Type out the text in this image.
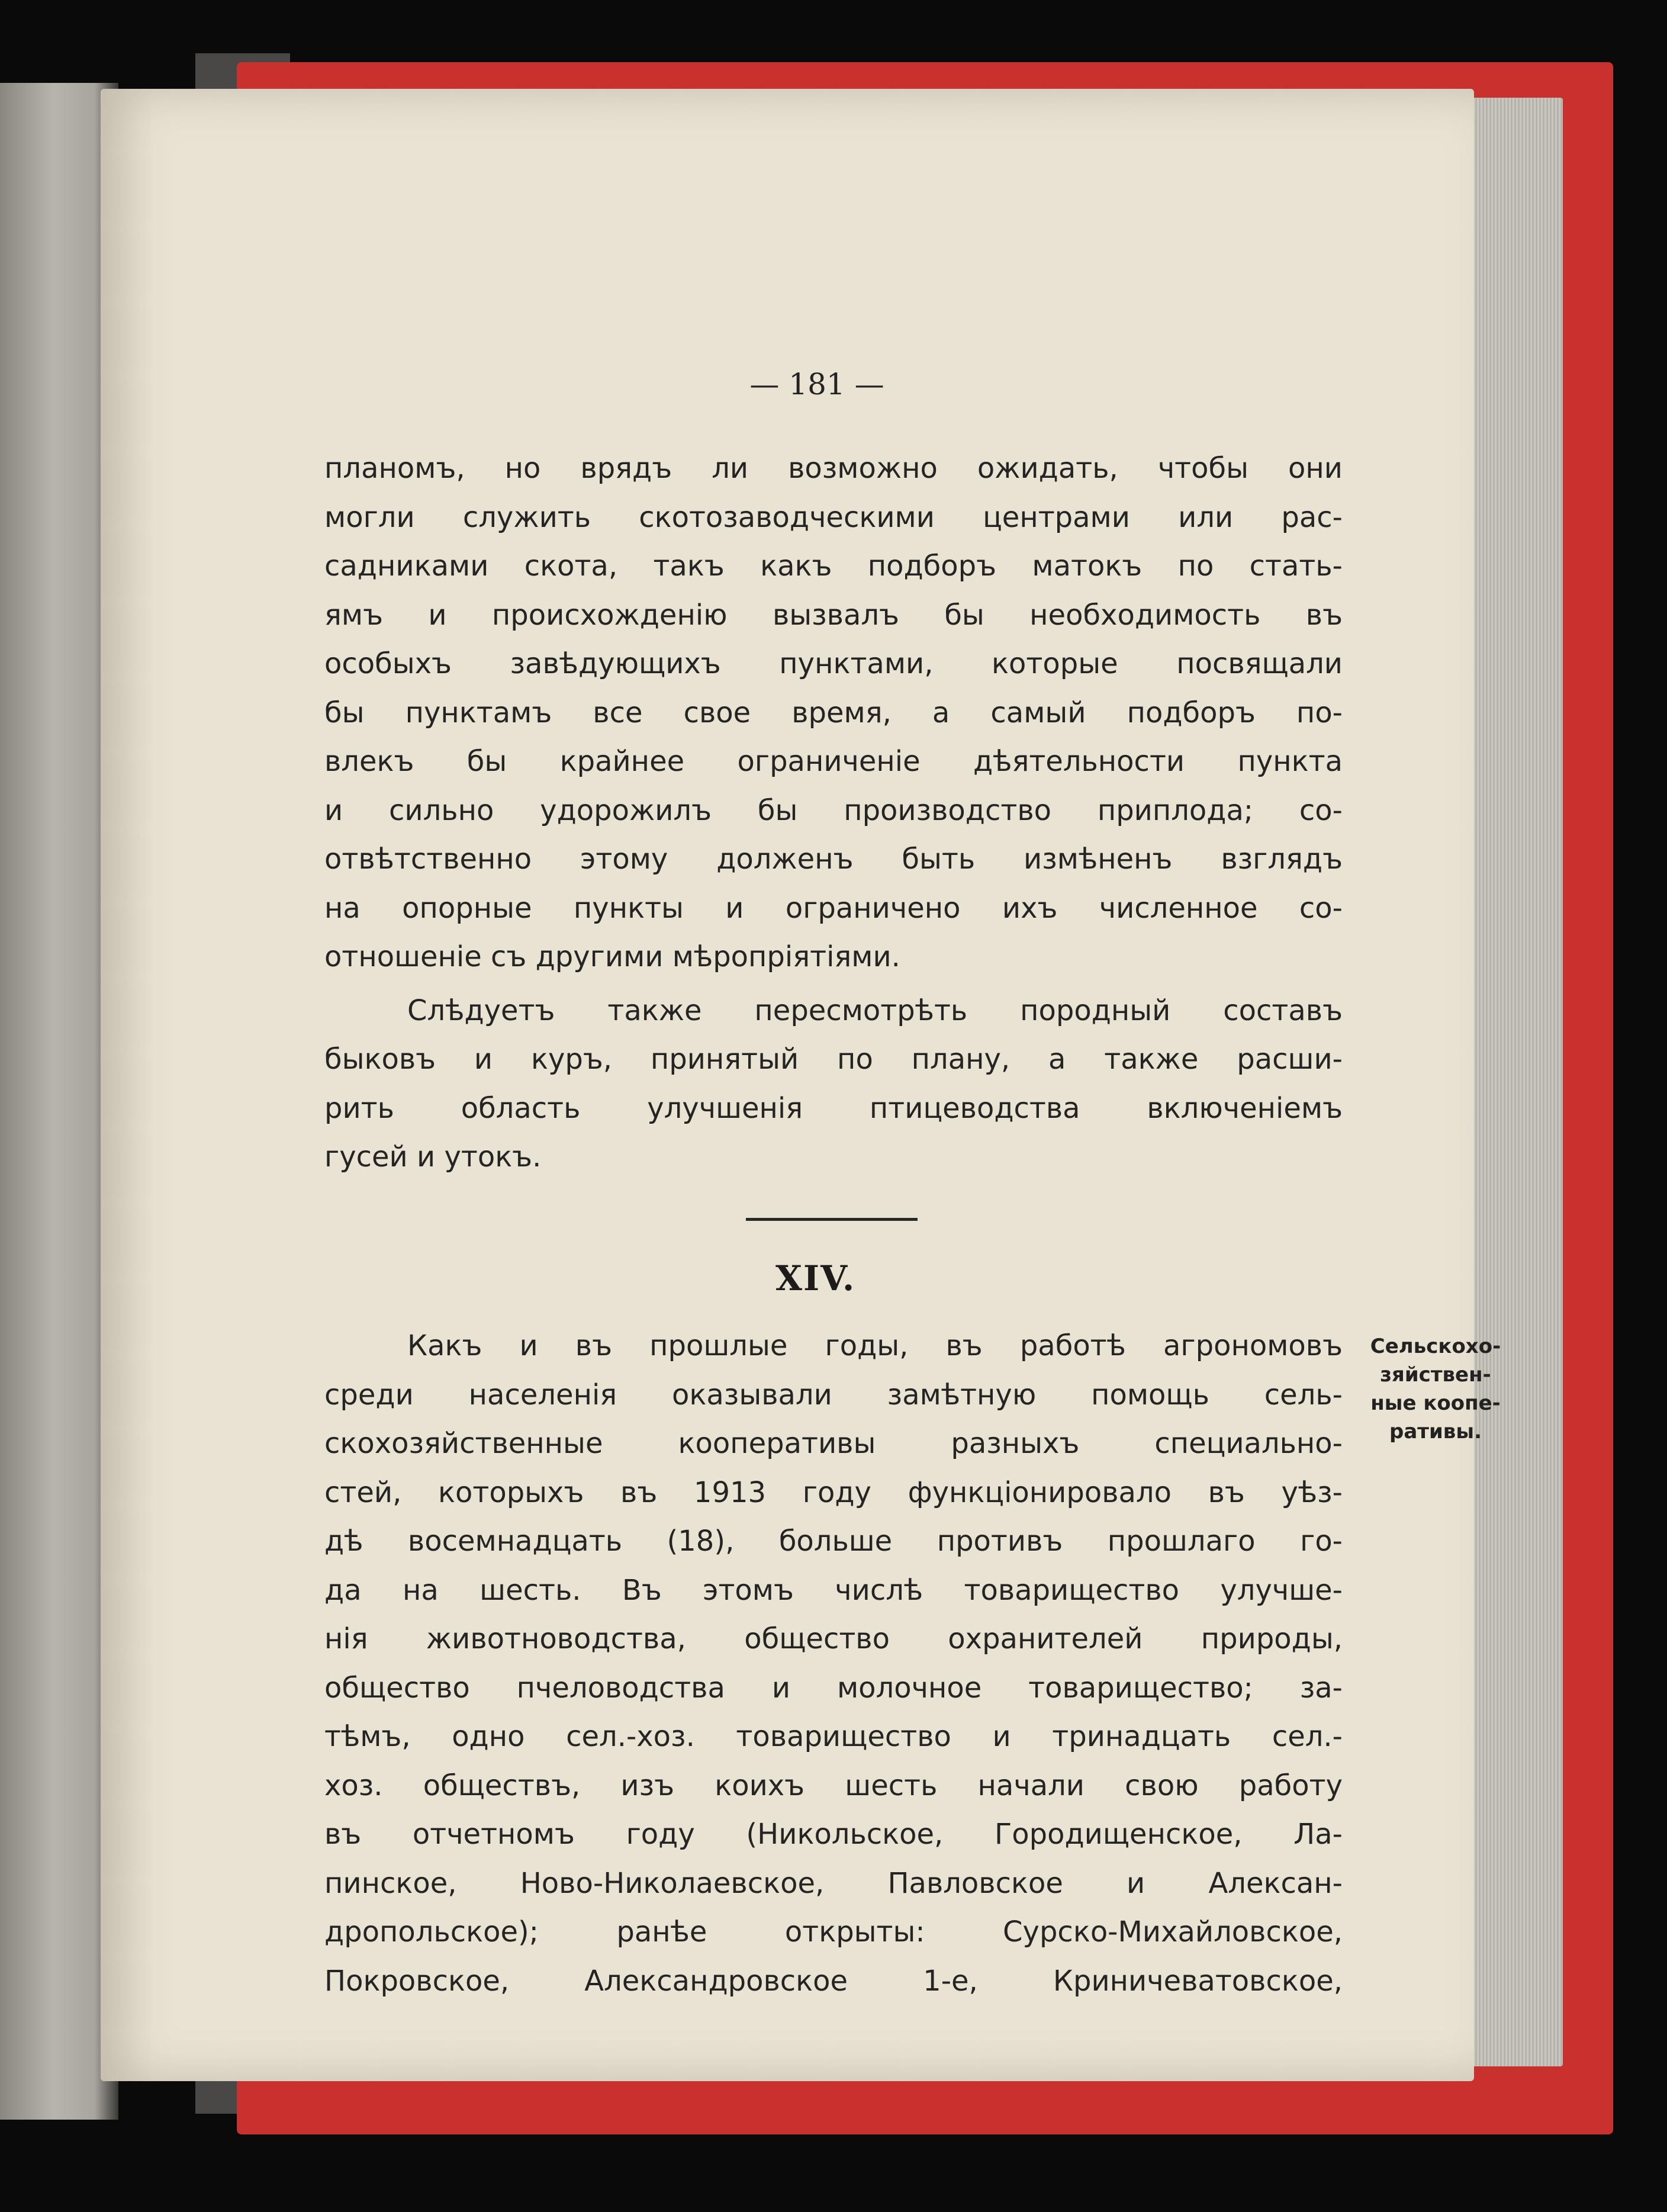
— 181 —
планомъ, но врядъ ли возможно ожидать, чтобы они
могли служить скотозаводческими центрами или рас-
садниками скота, такъ какъ подборъ матокъ по стать-
ямъ и происхожденію вызвалъ бы необходимость въ
особыхъ завѣдующихъ пунктами, которые посвящали
бы пунктамъ все свое время, а самый подборъ по-
влекъ бы крайнее ограниченіе дѣятельности пункта
и сильно удорожилъ бы производство приплода; со-
отвѣтственно этому долженъ быть измѣненъ взглядъ
на опорные пункты и ограничено ихъ численное со-
отношеніе съ другими мѣропріятіями.
Слѣдуетъ также пересмотрѣть породный составъ
быковъ и куръ, принятый по плану, а также расши-
рить область улучшенія птицеводства включеніемъ
гусей и утокъ.
XIV.
Какъ и въ прошлые годы, въ работѣ агрономовъ
среди населенія оказывали замѣтную помощь сель-
скохозяйственные кооперативы разныхъ специально-
стей, которыхъ въ 1913 году функціонировало въ уѣз-
дѣ восемнадцать (18), больше противъ прошлаго го-
да на шесть. Въ этомъ числѣ товарищество улучше-
нія животноводства, общество охранителей природы,
общество пчеловодства и молочное товарищество; за-
тѣмъ, одно сел.-хоз. товарищество и тринадцать сел.-
хоз. обществъ, изъ коихъ шесть начали свою работу
въ отчетномъ году (Никольское, Городищенское, Ла-
пинское, Ново-Николаевское, Павловское и Алексан-
дропольское); ранѣе открыты: Сурско-Михайловское,
Покровское, Александровское 1-е, Криничеватовское,
Сельскохо-
зяйствен-
ные коопе-
ративы.
